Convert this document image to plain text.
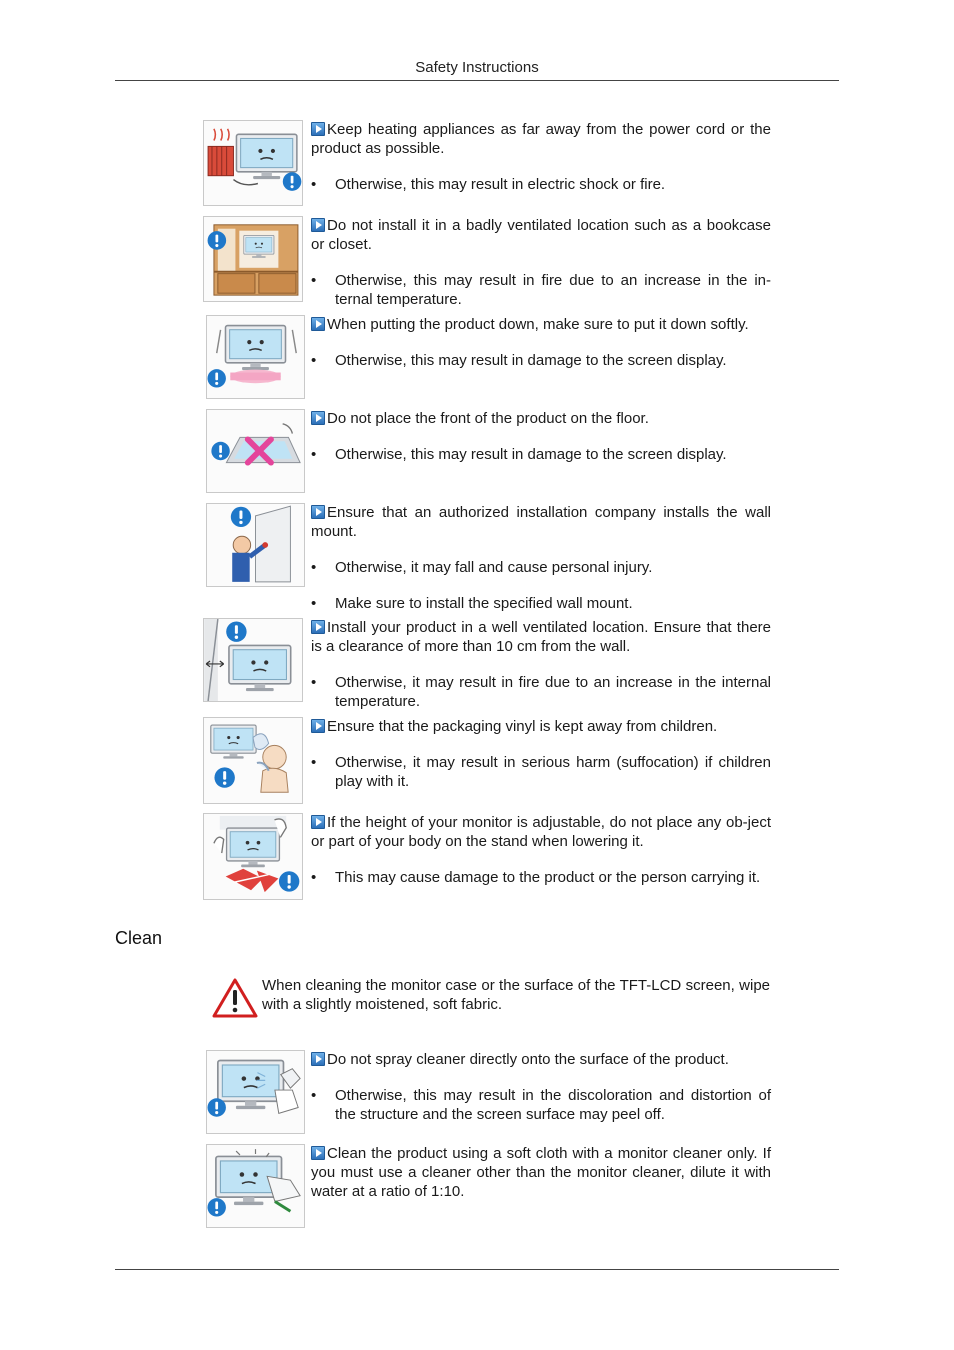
Safety Instructions

Keep heating appliances as far away from the power cord or the product as possible.

• Otherwise, this may result in electric shock or fire.

Do not install it in a badly ventilated location such as a bookcase or closet.

• Otherwise, this may result in fire due to an increase in the in-ternal temperature.

When putting the product down, make sure to put it down softly.

• Otherwise, this may result in damage to the screen display.

Do not place the front of the product on the floor.

• Otherwise, this may result in damage to the screen display.

Ensure that an authorized installation company installs the wall mount.

• Otherwise, it may fall and cause personal injury.
• Make sure to install the specified wall mount.

Install your product in a well ventilated location. Ensure that there is a clearance of more than 10 cm from the wall.

• Otherwise, it may result in fire due to an increase in the internal temperature.

Ensure that the packaging vinyl is kept away from children.

• Otherwise, it may result in serious harm (suffocation) if children play with it.

If the height of your monitor is adjustable, do not place any ob-ject or part of your body on the stand when lowering it.

• This may cause damage to the product or the person carrying it.
Clean

When cleaning the monitor case or the surface of the TFT-LCD screen, wipe with a slightly moistened, soft fabric.

Do not spray cleaner directly onto the surface of the product.

• Otherwise, this may result in the discoloration and distortion of the structure and the screen surface may peel off.

Clean the product using a soft cloth with a monitor cleaner only. If you must use a cleaner other than the monitor cleaner, dilute it with water at a ratio of 1:10.
